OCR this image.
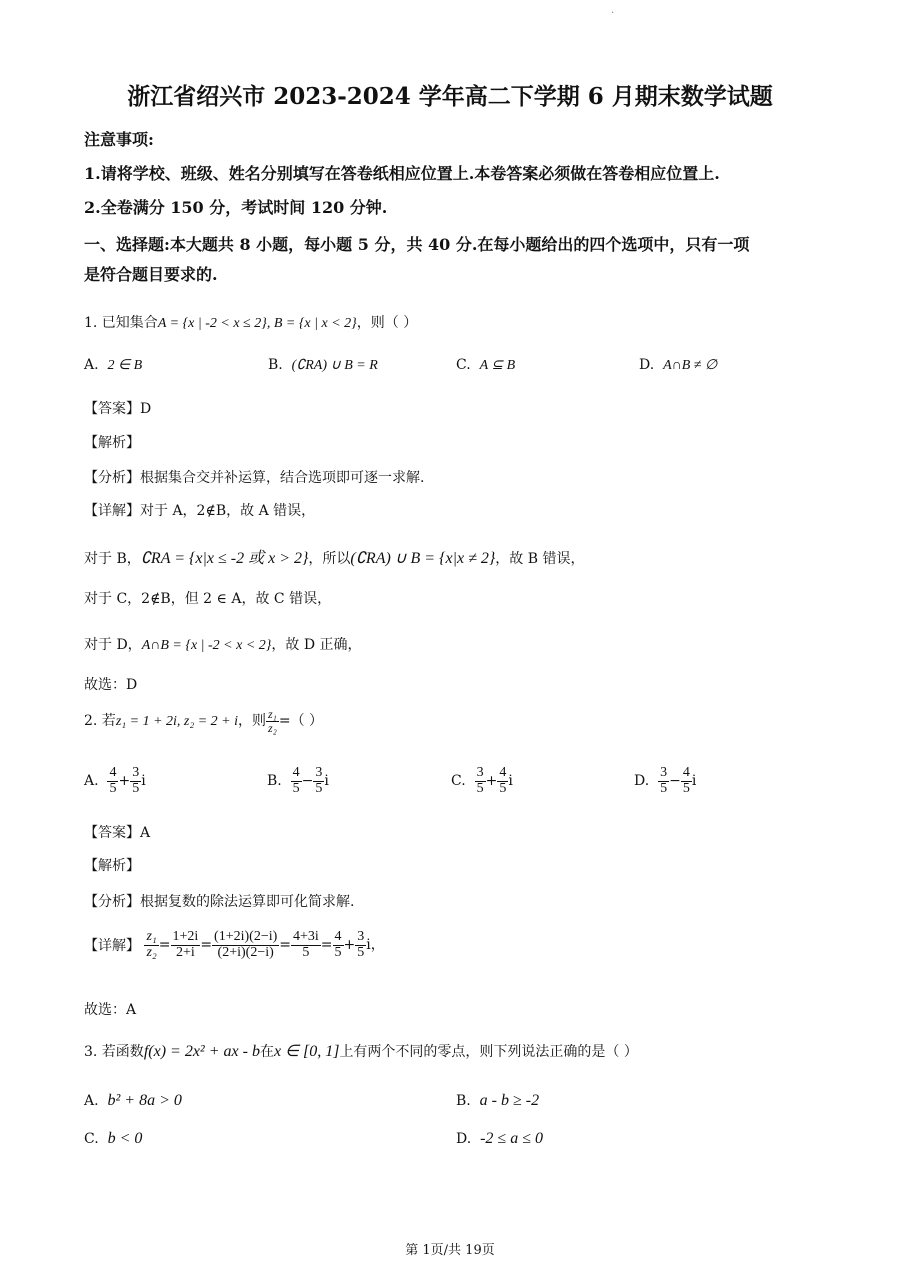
·
浙江省绍兴市 2023-2024 学年高二下学期 6 月期末数学试题
注意事项:
1.请将学校、班级、姓名分别填写在答卷纸相应位置上.本卷答案必须做在答卷相应位置上.
2.全卷满分 150 分，考试时间 120 分钟.
一、选择题:本大题共 8 小题，每小题 5 分，共 40 分.在每小题给出的四个选项中，只有一项
是符合题目要求的.
1. 已知集合A = {x | -2 < x ≤ 2}, B = {x | x < 2}，则（ ）
A. 2 ∈ B	B. (∁RA) ∪ B = R	C. A ⊆ B	D. A∩B ≠ ∅
【答案】D
【解析】
【分析】根据集合交并补运算，结合选项即可逐一求解.
【详解】对于 A，2∉B，故 A 错误，
对于 B，∁RA = {x|x ≤ -2 或 x > 2}，所以(∁RA) ∪ B = {x|x ≠ 2}，故 B 错误，
对于 C，2∉B，但 2 ∈ A，故 C 错误，
对于 D，A∩B = {x | -2 < x < 2}，故 D 正确，
故选：D
2. 若z₁ = 1 + 2i, z₂ = 2 + i，则 $\frac{\text{z₁}}{\text{z₂}}$ =（ ）
A. $\frac{4}{5} + \frac{3}{5}$ i	B. $\frac{4}{5} - \frac{3}{5}$ i	C. $\frac{3}{5} + \frac{4}{5}$ i	D. $\frac{3}{5} - \frac{4}{5}$ i
【答案】A
【解析】
【分析】根据复数的除法运算即可化简求解.
【详解】 $\frac{\text{z₁}}{\text{z₂}} = \frac{1+2i}{2+i} = \frac{(1+2i)(2-i)}{(2+i)(2-i)} = \frac{4+3i}{5} = \frac{4}{5} + \frac{3}{5}$ i，
故选：A
3. 若函数f(x) = 2x² + ax - b在x ∈ [0, 1]上有两个不同的零点，则下列说法正确的是（ ）
A. b² + 8a > 0	B. a - b ≥ -2
C. b < 0	D. -2 ≤ a ≤ 0
第 1页/共 19页
